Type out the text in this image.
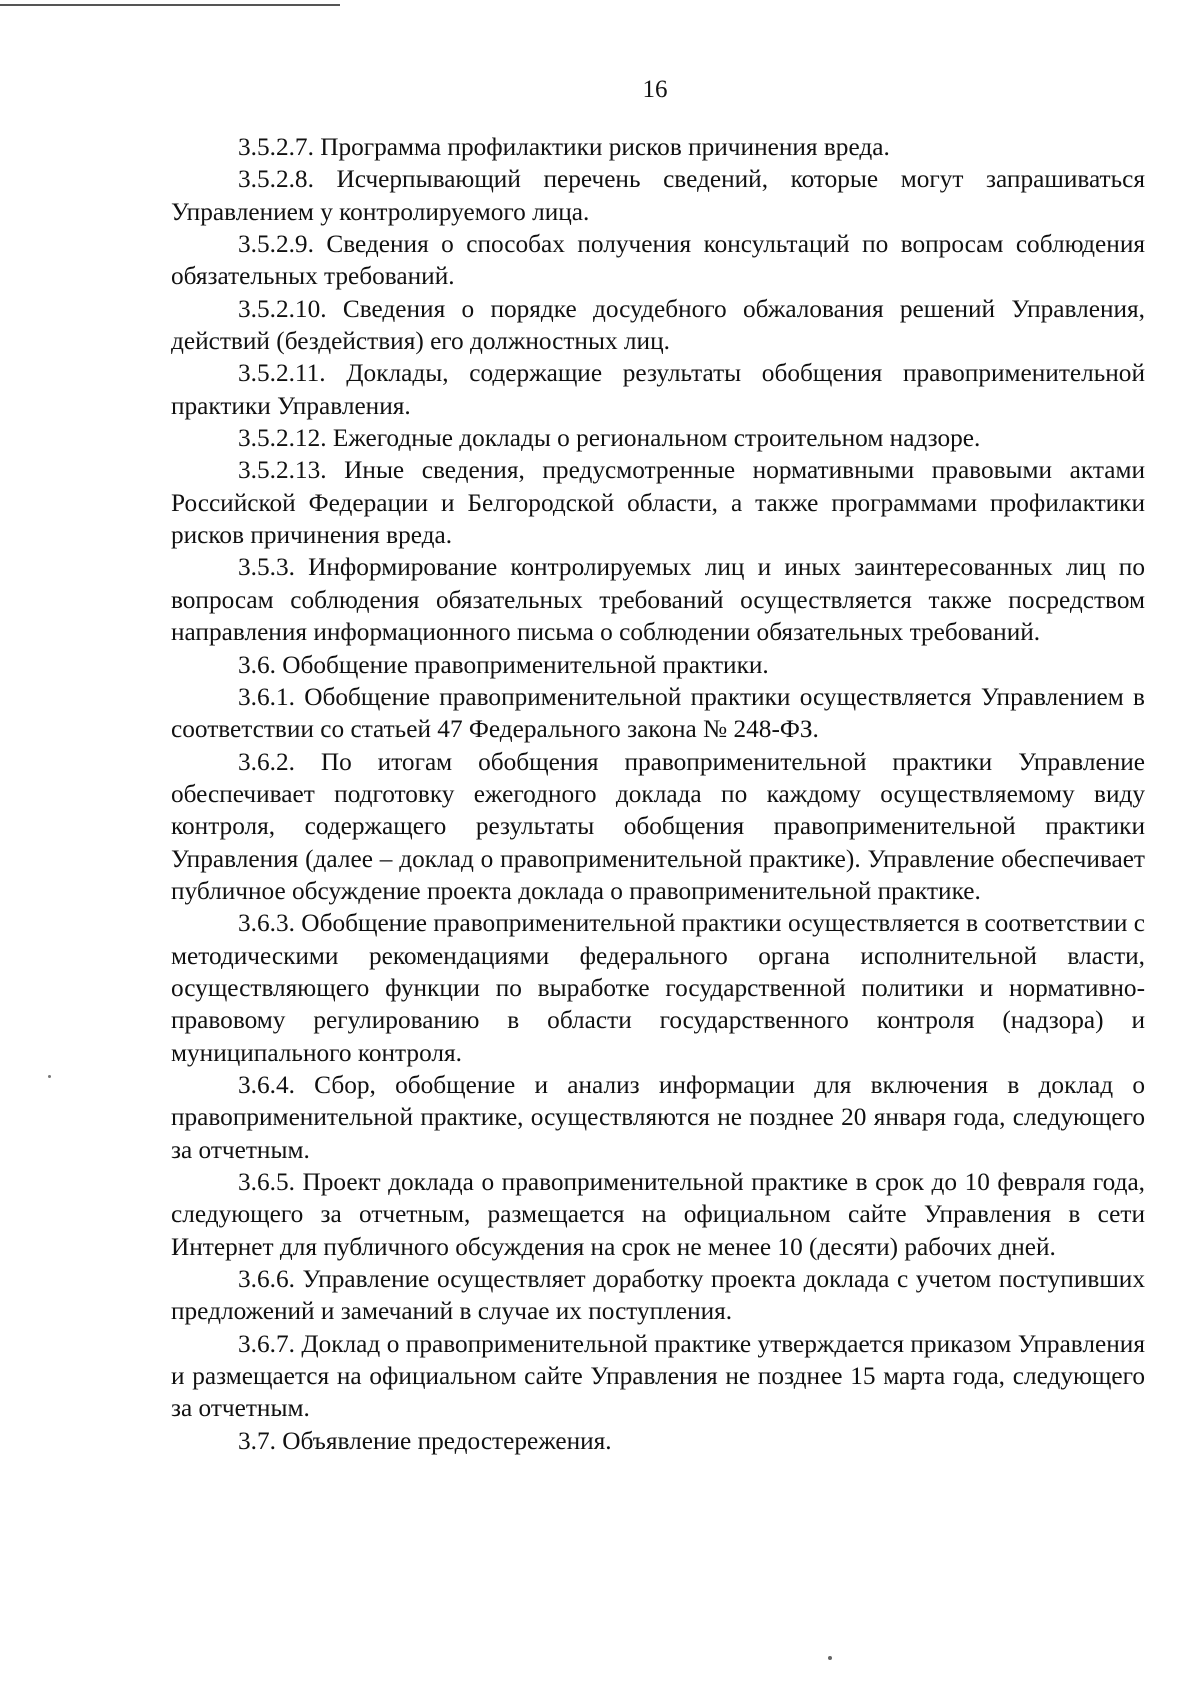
16

3.5.2.7. Программа профилактики рисков причинения вреда.

3.5.2.8. Исчерпывающий перечень сведений, которые могут запрашиваться Управлением у контролируемого лица.

3.5.2.9. Сведения о способах получения консультаций по вопросам соблюдения обязательных требований.

3.5.2.10. Сведения о порядке досудебного обжалования решений Управления, действий (бездействия) его должностных лиц.

3.5.2.11. Доклады, содержащие результаты обобщения правоприменительной практики Управления.

3.5.2.12. Ежегодные доклады о региональном строительном надзоре.

3.5.2.13. Иные сведения, предусмотренные нормативными правовыми актами Российской Федерации и Белгородской области, а также программами профилактики рисков причинения вреда.

3.5.3. Информирование контролируемых лиц и иных заинтересованных лиц по вопросам соблюдения обязательных требований осуществляется также посредством направления информационного письма о соблюдении обязательных требований.

3.6. Обобщение правоприменительной практики.

3.6.1. Обобщение правоприменительной практики осуществляется Управлением в соответствии со статьей 47 Федерального закона № 248-ФЗ.

3.6.2. По итогам обобщения правоприменительной практики Управление обеспечивает подготовку ежегодного доклада по каждому осуществляемому виду контроля, содержащего результаты обобщения правоприменительной практики Управления (далее – доклад о правоприменительной практике). Управление обеспечивает публичное обсуждение проекта доклада о правоприменительной практике.

3.6.3. Обобщение правоприменительной практики осуществляется в соответствии с методическими рекомендациями федерального органа исполнительной власти, осуществляющего функции по выработке государственной политики и нормативно-правовому регулированию в области государственного контроля (надзора) и муниципального контроля.

3.6.4. Сбор, обобщение и анализ информации для включения в доклад о правоприменительной практике, осуществляются не позднее 20 января года, следующего за отчетным.

3.6.5. Проект доклада о правоприменительной практике в срок до 10 февраля года, следующего за отчетным, размещается на официальном сайте Управления в сети Интернет для публичного обсуждения на срок не менее 10 (десяти) рабочих дней.

3.6.6. Управление осуществляет доработку проекта доклада с учетом поступивших предложений и замечаний в случае их поступления.

3.6.7. Доклад о правоприменительной практике утверждается приказом Управления и размещается на официальном сайте Управления не позднее 15 марта года, следующего за отчетным.

3.7. Объявление предостережения.
